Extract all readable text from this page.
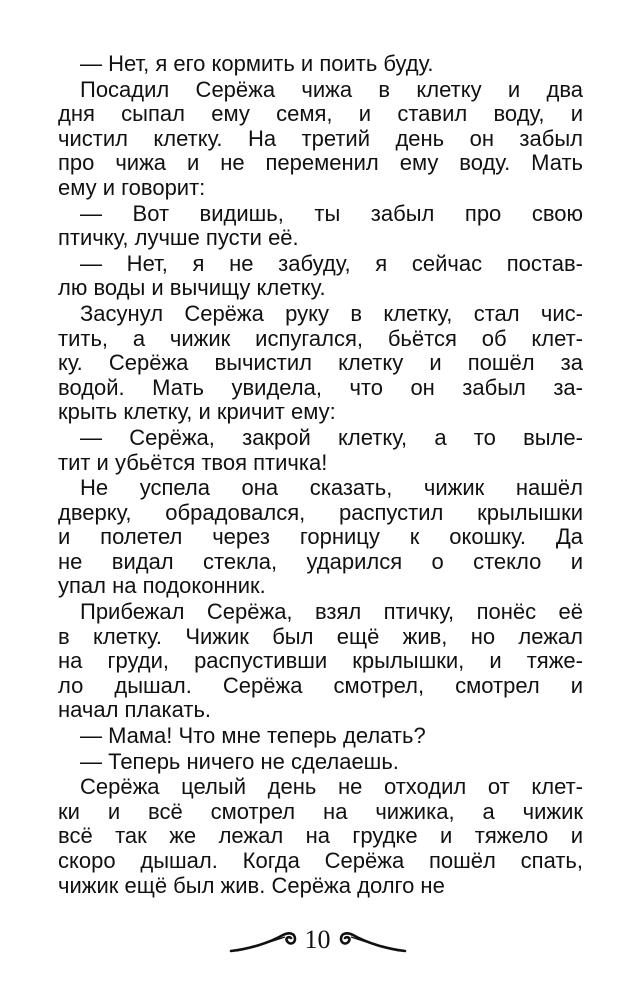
— Нет, я его кормить и поить буду.
Посадил Серёжа чижа в клетку и два
дня сыпал ему семя, и ставил воду, и
чистил клетку. На третий день он забыл
про чижа и не переменил ему воду. Мать
ему и говорит:
— Вот видишь, ты забыл про свою
птичку, лучше пусти её.
— Нет, я не забуду, я сейчас постав-
лю воды и вычищу клетку.
Засунул Серёжа руку в клетку, стал чис-
тить, а чижик испугался, бьётся об клет-
ку. Серёжа вычистил клетку и пошёл за
водой. Мать увидела, что он забыл за-
крыть клетку, и кричит ему:
— Серёжа, закрой клетку, а то выле-
тит и убьётся твоя птичка!
Не успела она сказать, чижик нашёл
дверку, обрадовался, распустил крылышки
и полетел через горницу к окошку. Да
не видал стекла, ударился о стекло и
упал на подоконник.
Прибежал Серёжа, взял птичку, понёс её
в клетку. Чижик был ещё жив, но лежал
на груди, распустивши крылышки, и тяже-
ло дышал. Серёжа смотрел, смотрел и
начал плакать.
— Мама! Что мне теперь делать?
— Теперь ничего не сделаешь.
Серёжа целый день не отходил от клет-
ки и всё смотрел на чижика, а чижик
всё так же лежал на грудке и тяжело и
скоро дышал. Когда Серёжа пошёл спать,
чижик ещё был жив. Серёжа долго не
10
